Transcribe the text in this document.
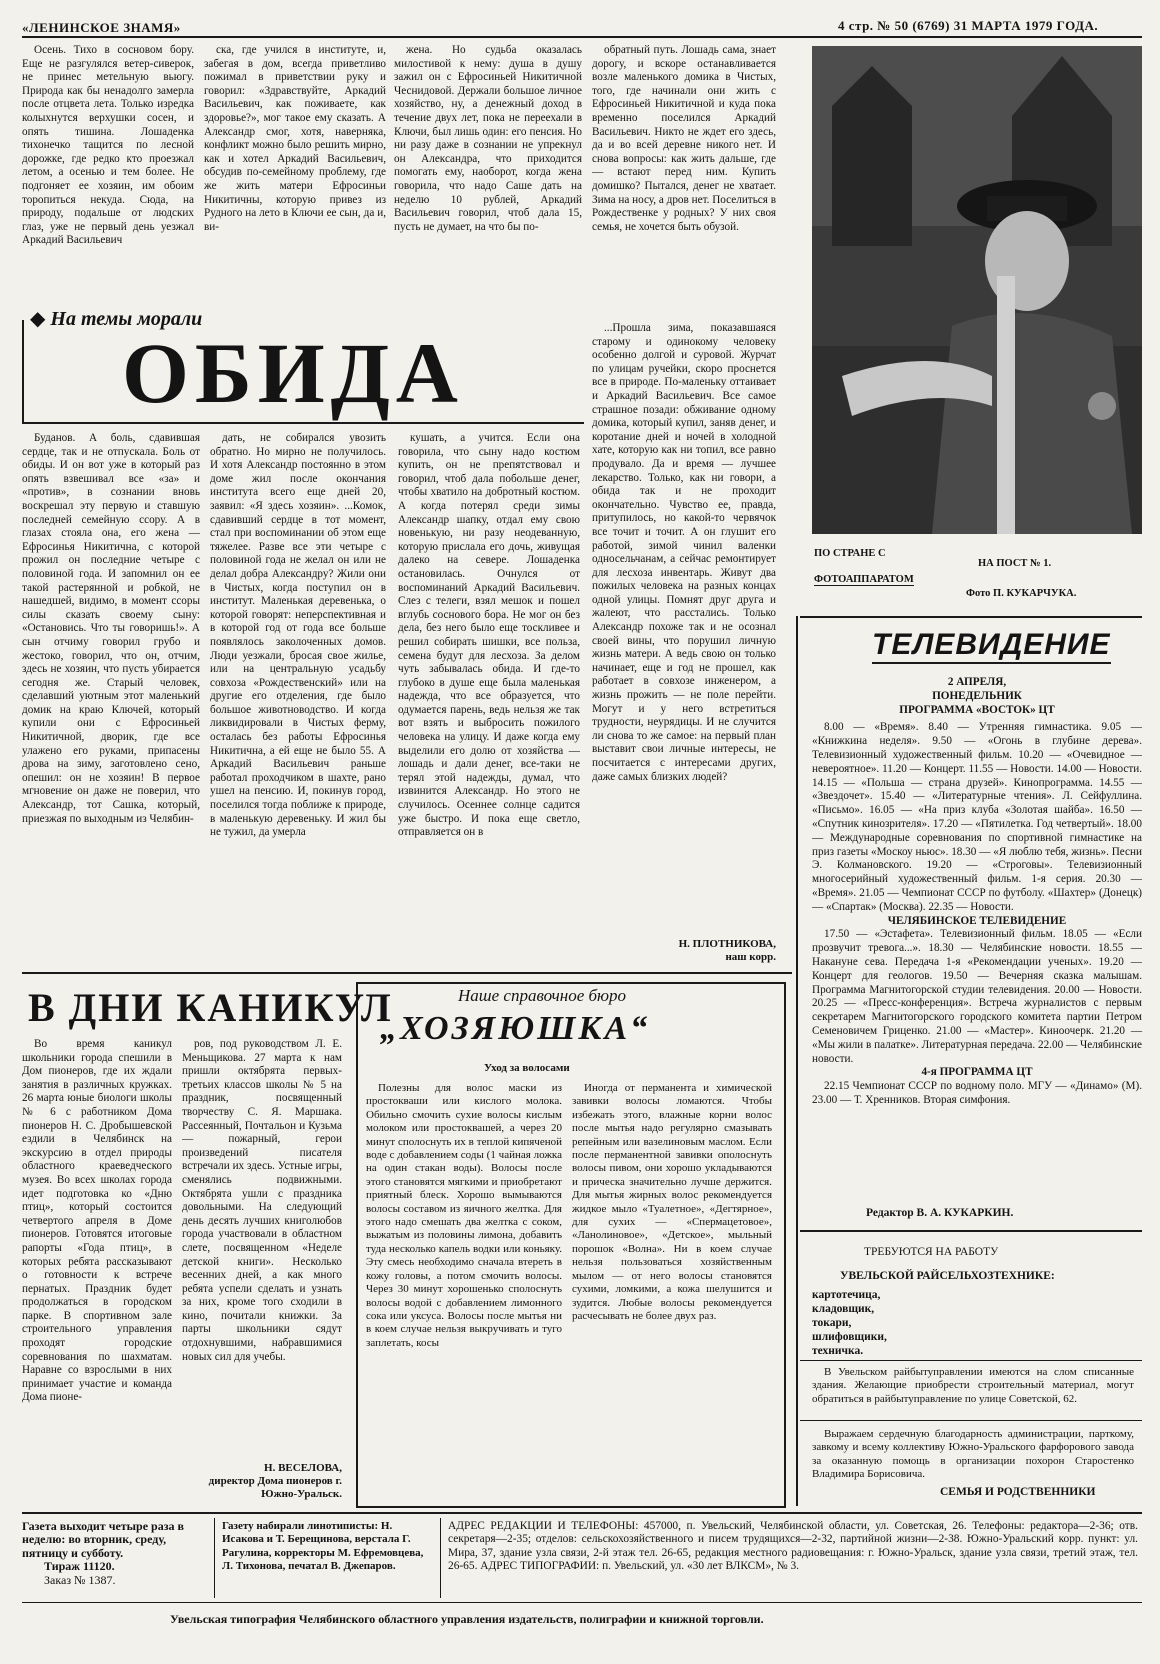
«ЛЕНИНСКОЕ ЗНАМЯ»	4 стр. № 50 (6769) 31 МАРТА 1979 ГОДА.

Осень. Тихо в сосновом бору. Еще не разгулялся ветер-сиверок, не принес метельную вьюгу. Природа как бы ненадолго замерла после отцвета лета. Только изредка колыхнутся верхушки сосен, и опять тишина. Лошаденка тихонечко тащится по лесной дорожке, где редко кто проезжал летом, а осенью и тем более. Не подгоняет ее хозяин, им обоим торопиться некуда. Сюда, на природу, подальше от людских глаз, уже не первый день уезжал Аркадий Васильевич

ска, где учился в институте, и, забегая в дом, всегда приветливо пожимал в приветствии руку и говорил: «Здравствуйте, Аркадий Васильевич, как поживаете, как здоровье?», мог такое ему сказать. А Александр смог, хотя, наверняка, конфликт можно было решить мирно, как и хотел Аркадий Васильевич, обсудив по-семейному проблему, где же жить матери Ефросиньи Никитичны, которую привез из Рудного на лето в Ключи ее сын, да и, ви-

жена. Но судьба оказалась милостивой к нему: душа в душу зажил он с Ефросиньей Никитичной Чеснидовой. Держали большое личное хозяйство, ну, а денежный доход в течение двух лет, пока не переехали в Ключи, был лишь один: его пенсия. Но ни разу даже в сознании не упрекнул он Александра, что приходится помогать ему, наоборот, когда жена говорила, что надо Саше дать на неделю 10 рублей, Аркадий Васильевич говорил, чтоб дала 15, пусть не думает, на что бы по-

обратный путь. Лошадь сама, знает дорогу, и вскоре останавливается возле маленького домика в Чистых, того, где начинали они жить с Ефросиньей Никитичной и куда пока временно поселился Аркадий Васильевич. Никто не ждет его здесь, да и во всей деревне никого нет. И снова вопросы: как жить дальше, где — встают перед ним. Купить домишко? Пытался, денег не хватает. Зима на носу, а дров нет. Поселиться в Рождественке у родных? У них своя семья, не хочется быть обузой.

◆ На темы морали
ОБИДА

Буданов. А боль, сдавившая сердце, так и не отпускала. Боль от обиды. И он вот уже в который раз опять взвешивал все «за» и «против», в сознании вновь воскрешал эту первую и ставшую последней семейную ссору. А в глазах стояла она, его жена — Ефросинья Никитична, с которой прожил он последние четыре с половиной года. И запомнил он ее такой растерянной и робкой, не нашедшей, видимо, в момент ссоры силы сказать своему сыну: «Остановись. Что ты говоришь!». А сын отчиму говорил грубо и жестоко, говорил, что он, отчим, здесь не хозяин, что пусть убирается сегодня же. Старый человек, сделавший уютным этот маленький домик на краю Ключей, который купили они с Ефросиньей Никитичной, дворик, где все улажено его руками, припасены дрова на зиму, заготовлено сено, опешил: он не хозяин! В первое мгновение он даже не поверил, что Александр, тот Сашка, который, приезжая по выходным из Челябин-

дать, не собирался увозить обратно. Но мирно не получилось. И хотя Александр постоянно в этом доме жил после окончания института всего еще дней 20, заявил: «Я здесь хозяин». ...Комок, сдавивший сердце в тот момент, стал при воспоминании об этом еще тяжелее. Разве все эти четыре с половиной года не желал он или не делал добра Александру? Жили они в Чистых, когда поступил он в институт. Маленькая деревенька, о которой говорят: неперспективная и в которой год от года все больше появлялось заколоченных домов. Люди уезжали, бросая свое жилье, или на центральную усадьбу совхоза «Рождественский» или на другие его отделения, где было большое животноводство. И когда ликвидировали в Чистых ферму, осталась без работы Ефросинья Никитична, а ей еще не было 55. А Аркадий Васильевич раньше работал проходчиком в шахте, рано ушел на пенсию. И, покинув город, поселился тогда поближе к природе, в маленькую деревеньку. И жил бы не тужил, да умерла

кушать, а учится. Если она говорила, что сыну надо костюм купить, он не препятствовал и говорил, чтоб дала побольше денег, чтобы хватило на добротный костюм. А когда потерял среди зимы Александр шапку, отдал ему свою новенькую, ни разу неодеванную, которую прислала его дочь, живущая далеко на севере. Лошаденка остановилась. Очнулся от воспоминаний Аркадий Васильевич. Слез с телеги, взял мешок и пошел вглубь соснового бора. Не мог он без дела, без него было еще тоскливее и решил собирать шишки, все польза, семена будут для лесхоза. За делом чуть забывалась обида. И где-то глубоко в душе еще была маленькая надежда, что все образуется, что одумается парень, ведь нельзя же так вот взять и выбросить пожилого человека на улицу. И даже когда ему выделили его долю от хозяйства — лошадь и дали денег, все-таки не терял этой надежды, думал, что извинится Александр. Но этого не случилось. Осеннее солнце садится уже быстро. И пока еще светло, отправляется он в

...Прошла зима, показавшаяся старому и одинокому человеку особенно долгой и суровой. Журчат по улицам ручейки, скоро проснется все в природе. По-маленьку оттаивает и Аркадий Васильевич. Все самое страшное позади: обживание одному домика, который купил, заняв денег, и коротание дней и ночей в холодной хате, которую как ни топил, все равно продувало. Да и время — лучшее лекарство. Только, как ни говори, а обида так и не проходит окончательно. Чувство ее, правда, притупилось, но какой-то червячок все точит и точит. А он глушит его работой, зимой чинил валенки односельчанам, а сейчас ремонтирует для лесхоза инвентарь. Живут два пожилых человека на разных концах одной улицы. Помнят друг друга и жалеют, что расстались. Только Александр похоже так и не осознал своей вины, что порушил личную жизнь матери. А ведь свою он только начинает, еще и год не прошел, как работает в совхозе инженером, а жизнь прожить — не поле перейти. Могут и у него встретиться трудности, неурядицы. И не случится ли снова то же самое: на первый план выставит свои личные интересы, не посчитается с интересами других, даже самых близких людей?

Н. ПЛОТНИКОВА,
наш корр.
ПО СТРАНЕ С
ФОТОАППАРАТОМ
НА ПОСТ № 1.
Фото П. КУКАРЧУКА.
ТЕЛЕВИДЕНИЕ
2 АПРЕЛЯ,
ПОНЕДЕЛЬНИК
ПРОГРАММА «ВОСТОК» ЦТ
8.00 — «Время». 8.40 — Утренняя гимнастика. 9.05 — «Книжкина неделя». 9.50 — «Огонь в глубине дерева». Телевизионный художественный фильм. 10.20 — «Очевидное — невероятное». 11.20 — Концерт. 11.55 — Новости. 14.00 — Новости. 14.15 — «Польша — страна друзей». Кинопрограмма. 14.55 — «Звездочет». 15.40 — «Литературные чтения». Л. Сейфуллина. «Письмо». 16.05 — «На приз клуба «Золотая шайба». 16.50 — «Спутник кинозрителя». 17.20 — «Пятилетка. Год четвертый». 18.00 — Международные соревнования по спортивной гимнастике на приз газеты «Москоу ньюс». 18.30 — «Я люблю тебя, жизнь». Песни Э. Колмановского. 19.20 — «Строговы». Телевизионный многосерийный художественный фильм. 1-я серия. 20.30 — «Время». 21.05 — Чемпионат СССР по футболу. «Шахтер» (Донецк) — «Спартак» (Москва). 22.35 — Новости.
ЧЕЛЯБИНСКОЕ ТЕЛЕВИДЕНИЕ
17.50 — «Эстафета». Телевизионный фильм. 18.05 — «Если прозвучит тревога...». 18.30 — Челябинские новости. 18.55 — Накануне сева. Передача 1-я «Рекомендации ученых». 19.20 — Концерт для геологов. 19.50 — Вечерняя сказка малышам. Программа Магнитогорской студии телевидения. 20.00 — Новости. 20.25 — «Пресс-конференция». Встреча журналистов с первым секретарем Магнитогорского городского комитета партии Петром Семеновичем Гриценко. 21.00 — «Мастер». Киноочерк. 21.20 — «Мы жили в палатке». Литературная передача. 22.00 — Челябинские новости.
4-я ПРОГРАММА ЦТ
22.15 Чемпионат СССР по водному поло. МГУ — «Динамо» (М). 23.00 — Т. Хренников. Вторая симфония.
Редактор В. А. КУКАРКИН.
ТРЕБУЮТСЯ НА РАБОТУ
УВЕЛЬСКОЙ РАЙСЕЛЬХОЗТЕХНИКЕ:
картотечица,
кладовщик,
токари,
шлифовщики,
техничка.
В Увельском райбытуправлении имеются на слом списанные здания. Желающие приобрести строительный материал, могут обратиться в райбытуправление по улице Советской, 62.
Выражаем сердечную благодарность администрации, парткому, завкому и всему коллективу Южно-Уральского фарфорового завода за оказанную помощь в организации похорон Старостенко Владимира Борисовича.
СЕМЬЯ И РОДСТВЕННИКИ
В ДНИ КАНИКУЛ

Во время каникул школьники города спешили в Дом пионеров, где их ждали занятия в различных кружках. 26 марта юные биологи школы № 6 с работником Дома пионеров Н. С. Дробышевской ездили в Челябинск на экскурсию в отдел природы областного краеведческого музея. Во всех школах города идет подготовка ко «Дню птиц», который состоится четвертого апреля в Доме пионеров. Готовятся итоговые рапорты «Года птиц», в которых ребята рассказывают о готовности к встрече пернатых. Праздник будет продолжаться в городском парке. В спортивном зале строительного управления проходят городские соревнования по шахматам. Наравне со взрослыми в них принимает участие и команда Дома пионе-

ров, под руководством Л. Е. Меньщикова. 27 марта к нам пришли октябрята первых-третьих классов школы № 5 на праздник, посвященный творчеству С. Я. Маршака. Рассеянный, Почтальон и Кузьма — пожарный, герои произведений писателя встречали их здесь. Устные игры, сменялись подвижными. Октябрята ушли с праздника довольными. На следующий день десять лучших книголюбов города участвовали в областном слете, посвященном «Неделе детской книги». Несколько весенних дней, а как много ребята успели сделать и узнать за них, кроме того сходили в кино, почитали книжки. За парты школьники сядут отдохнувшими, набравшимися новых сил для учебы.

Н. ВЕСЕЛОВА,
директор Дома пионеров г. Южно-Уральск.
Наше справочное бюро
„ХОЗЯЮШКА“
Уход за волосами

Полезны для волос маски из простокваши или кислого молока. Обильно смочить сухие волосы кислым молоком или простоквашей, а через 20 минут сполоснуть их в теплой кипяченой воде с добавлением соды (1 чайная ложка на один стакан воды). Волосы после этого становятся мягкими и приобретают приятный блеск. Хорошо вымываются волосы составом из яичного желтка. Для этого надо смешать два желтка с соком, выжатым из половины лимона, добавить туда несколько капель водки или коньяку. Эту смесь необходимо сначала втереть в кожу головы, а потом смочить волосы. Через 30 минут хорошенько сполоснуть волосы водой с добавлением лимонного сока или уксуса. Волосы после мытья ни в коем случае нельзя выкручивать и туго заплетать, косы

Иногда от перманента и химической завивки волосы ломаются. Чтобы избежать этого, влажные корни волос после мытья надо регулярно смазывать репейным или вазелиновым маслом. Если после перманентной завивки ополоснуть волосы пивом, они хорошо укладываются и прическа значительно лучше держится. Для мытья жирных волос рекомендуется жидкое мыло «Туалетное», «Дегтярное», для сухих — «Спермацетовое», «Ланолиновое», «Детское», мыльный порошок «Волна». Ни в коем случае нельзя пользоваться хозяйственным мылом — от него волосы становятся сухими, ломкими, а кожа шелушится и зудится. Любые волосы рекомендуется расчесывать не более двух раз.

Газета выходит четыре раза в неделю: во вторник, среду, пятницу и субботу.
Тираж 11120.
Заказ № 1387.
Газету набирали линотиписты: Н. Исакова и Т. Берещинова, верстала Г. Рагулина, корректоры М. Ефремовцева, Л. Тихонова, печатал В. Джепаров.
АДРЕС РЕДАКЦИИ И ТЕЛЕФОНЫ: 457000, п. Увельский, Челябинской области, ул. Советская, 26. Телефоны: редактора—2-36; отв. секретаря—2-35; отделов: сельскохозяйственного и писем трудящихся—2-32, партийной жизни—2-38. Южно-Уральский корр. пункт: ул. Мира, 37, здание узла связи, 2-й этаж тел. 26-65, редакция местного радиовещания: г. Южно-Уральск, здание узла связи, третий этаж, тел. 26-65. АДРЕС ТИПОГРАФИИ: п. Увельский, ул. «30 лет ВЛКСМ», № 3.
Увельская типография Челябинского областного управления издательств, полиграфии и книжной торговли.
